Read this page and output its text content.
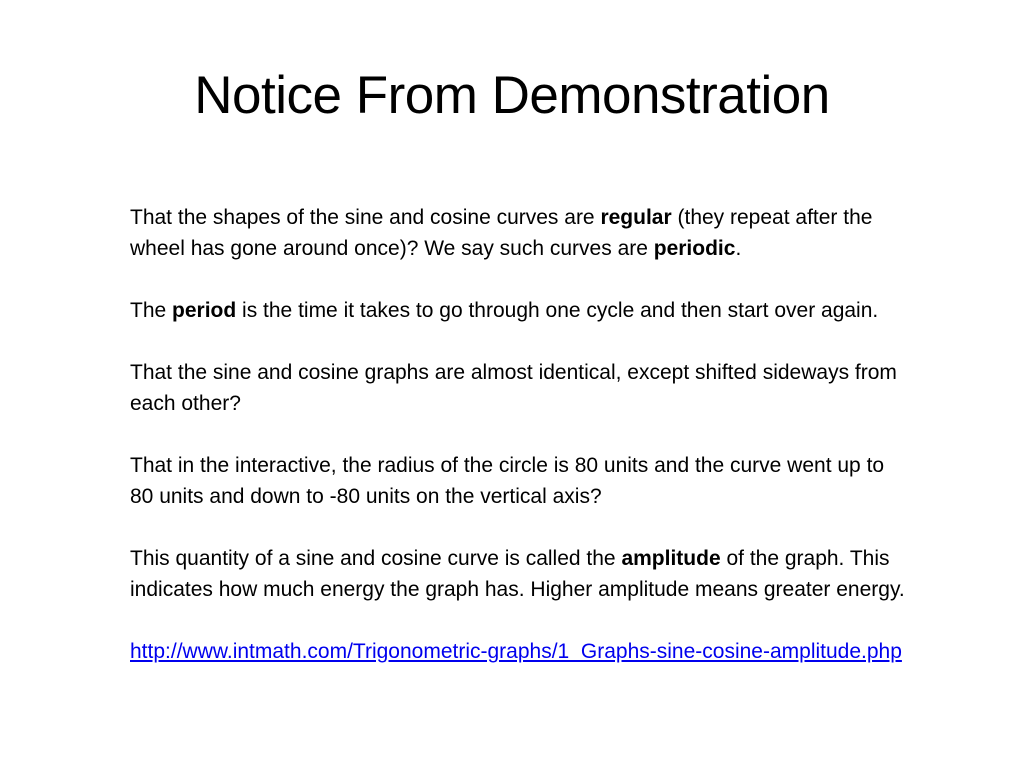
Notice From Demonstration

That the shapes of the sine and cosine curves are regular (they repeat after the wheel has gone around once)? We say such curves are periodic.

The period is the time it takes to go through one cycle and then start over again.

That the sine and cosine graphs are almost identical, except shifted sideways from each other?

That in the interactive, the radius of the circle is 80 units and the curve went up to 80 units and down to -80 units on the vertical axis?

This quantity of a sine and cosine curve is called the amplitude of the graph. This indicates how much energy the graph has. Higher amplitude means greater energy.

http://www.intmath.com/Trigonometric-graphs/1_Graphs-sine-cosine-amplitude.php
